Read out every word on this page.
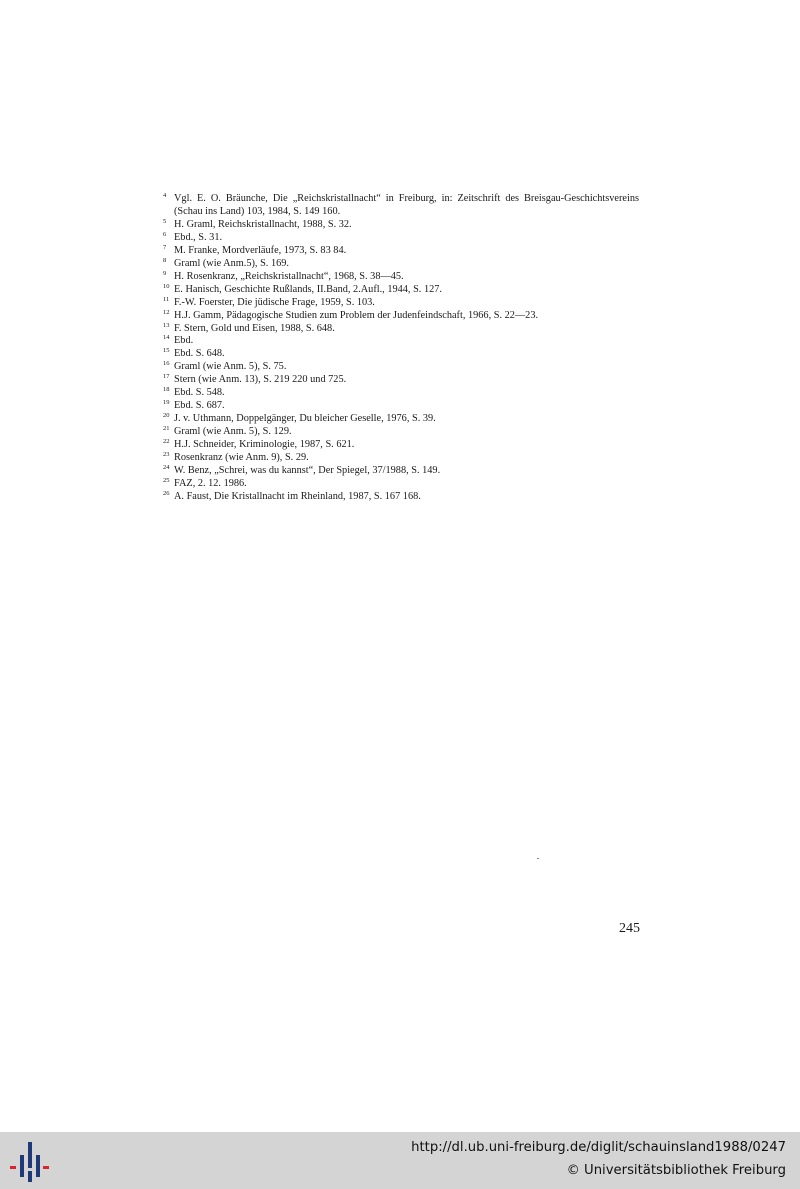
4 Vgl. E. O. Bräunche, Die „Reichskristallnacht“ in Freiburg, in: Zeitschrift des Breisgau-Geschichtsvereins (Schau ins Land) 103, 1984, S. 149 160.
5 H. Graml, Reichskristallnacht, 1988, S. 32.
6 Ebd., S. 31.
7 M. Franke, Mordverläufe, 1973, S. 83 84.
8 Graml (wie Anm.5), S. 169.
9 H. Rosenkranz, „Reichskristallnacht“, 1968, S. 38—45.
10 E. Hanisch, Geschichte Rußlands, II.Band, 2.Aufl., 1944, S. 127.
11 F.-W. Foerster, Die jüdische Frage, 1959, S. 103.
12 H.J. Gamm, Pädagogische Studien zum Problem der Judenfeindschaft, 1966, S. 22—23.
13 F. Stern, Gold und Eisen, 1988, S. 648.
14 Ebd.
15 Ebd. S. 648.
16 Graml (wie Anm. 5), S. 75.
17 Stern (wie Anm. 13), S. 219 220 und 725.
18 Ebd. S. 548.
19 Ebd. S. 687.
20 J. v. Uthmann, Doppelgänger, Du bleicher Geselle, 1976, S. 39.
21 Graml (wie Anm. 5), S. 129.
22 H.J. Schneider, Kriminologie, 1987, S. 621.
23 Rosenkranz (wie Anm. 9), S. 29.
24 W. Benz, „Schrei, was du kannst“, Der Spiegel, 37/1988, S. 149.
25 FAZ, 2. 12. 1986.
26 A. Faust, Die Kristallnacht im Rheinland, 1987, S. 167 168.
245
http://dl.ub.uni-freiburg.de/diglit/schauinsland1988/0247
© Universitätsbibliothek Freiburg
